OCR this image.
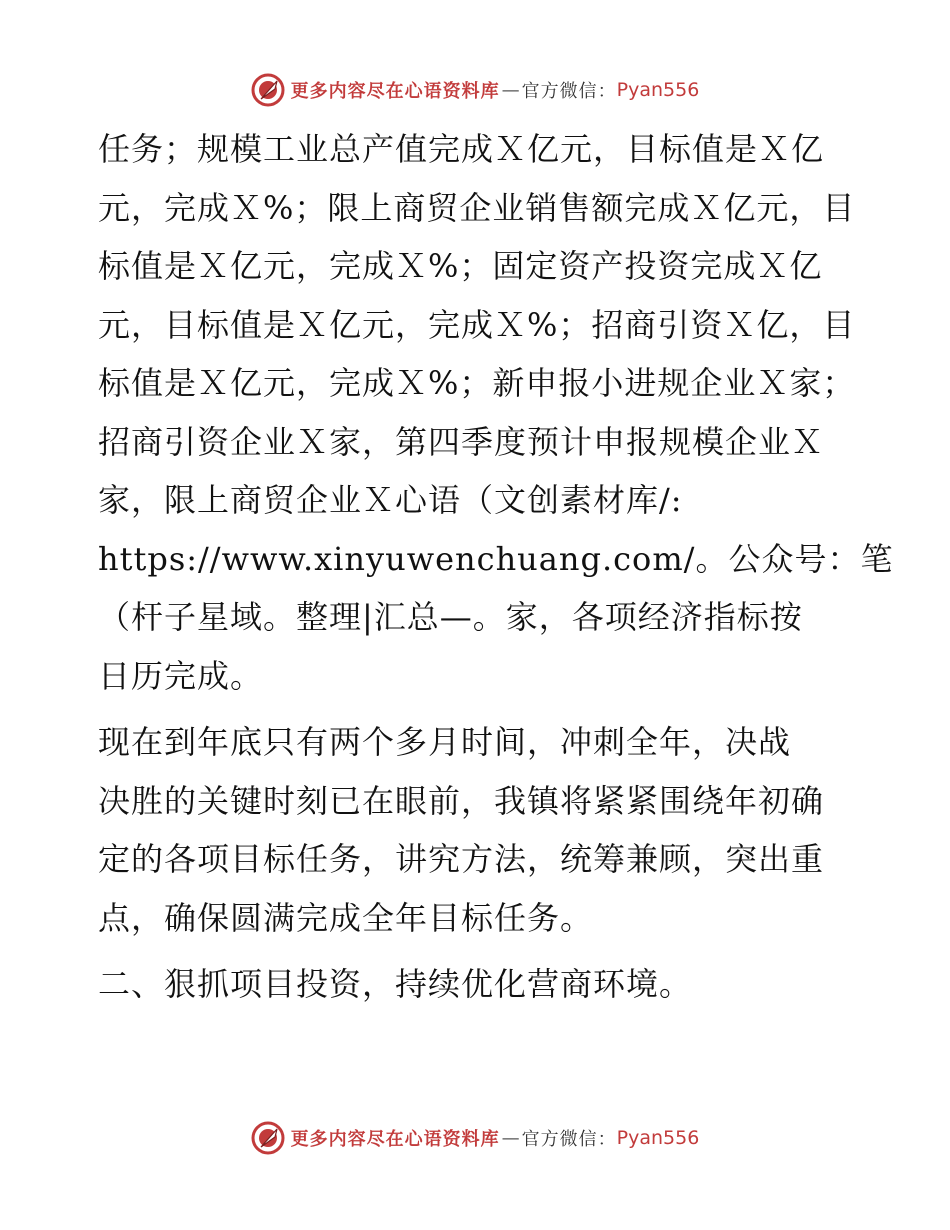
更多内容尽在心语资料库 — 官方微信： Pyan556
任务；规模工业总产值完成Ｘ亿元，目标值是Ｘ亿
元，完成Ｘ%；限上商贸企业销售额完成Ｘ亿元，目
标值是Ｘ亿元，完成Ｘ%；固定资产投资完成Ｘ亿
元，目标值是Ｘ亿元，完成Ｘ%；招商引资Ｘ亿，目
标值是Ｘ亿元，完成Ｘ%；新申报小进规企业Ｘ家；
招商引资企业Ｘ家，第四季度预计申报规模企业Ｘ
家，限上商贸企业Ｘ心语（文创素材库/:
https://www.xinyuwenchuang.com/。公众号：笔
（杆子星域。整理|汇总—。家，各项经济指标按
日历完成。
现在到年底只有两个多月时间，冲刺全年，决战
决胜的关键时刻已在眼前，我镇将紧紧围绕年初确
定的各项目标任务，讲究方法，统筹兼顾，突出重
点，确保圆满完成全年目标任务。
二、狠抓项目投资，持续优化营商环境。
更多内容尽在心语资料库 — 官方微信： Pyan556
